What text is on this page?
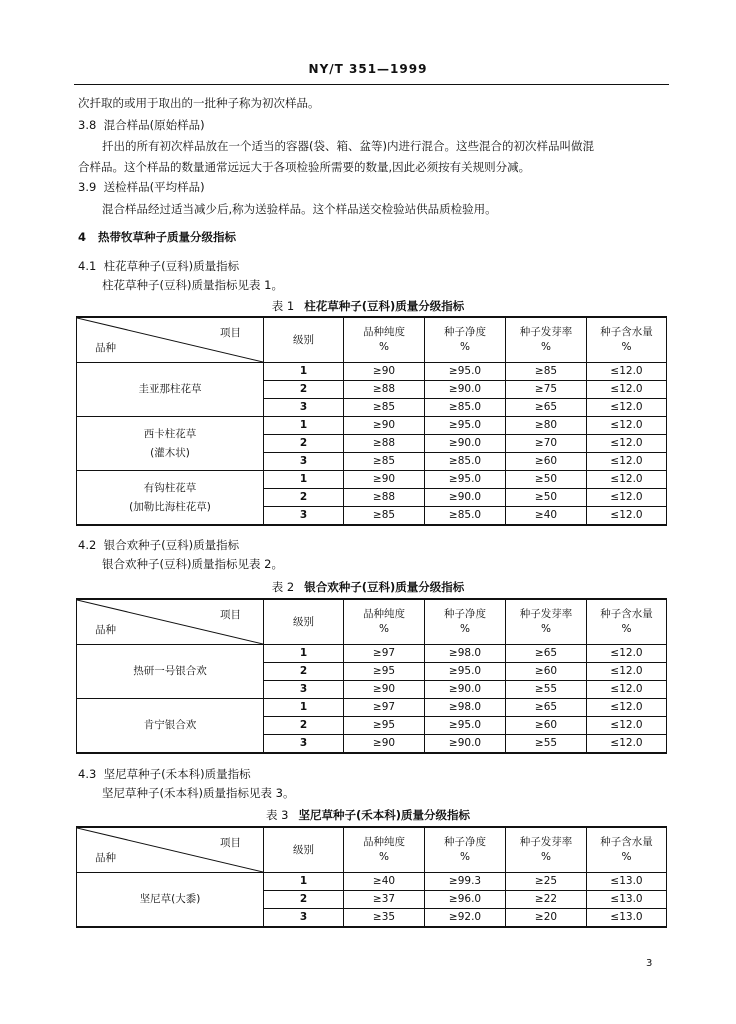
NY/T 351—1999
次扦取的或用于取出的一批种子称为初次样品。
3.8 混合样品(原始样品)
扦出的所有初次样品放在一个适当的容器(袋、箱、盆等)内进行混合。这些混合的初次样品叫做混
合样品。这个样品的数量通常远远大于各项检验所需要的数量,因此必须按有关规则分减。
3.9 送检样品(平均样品)
混合样品经过适当减少后,称为送验样品。这个样品送交检验站供品质检验用。
4 热带牧草种子质量分级指标
4.1 柱花草种子(豆科)质量指标
柱花草种子(豆科)质量指标见表 1。
表 1 柱花草种子(豆科)质量分级指标
项目
品种	级别	品种纯度
%	种子净度
%	种子发芽率
%	种子含水量
%
圭亚那柱花草	1	≥90	≥95.0	≥85	≤12.0
	2	≥88	≥90.0	≥75	≤12.0
	3	≥85	≥85.0	≥65	≤12.0
西卡柱花草
(灌木状)	1	≥90	≥95.0	≥80	≤12.0
	2	≥88	≥90.0	≥70	≤12.0
	3	≥85	≥85.0	≥60	≤12.0
有钩柱花草
(加勒比海柱花草)	1	≥90	≥95.0	≥50	≤12.0
	2	≥88	≥90.0	≥50	≤12.0
	3	≥85	≥85.0	≥40	≤12.0
4.2 银合欢种子(豆科)质量指标
银合欢种子(豆科)质量指标见表 2。
表 2 银合欢种子(豆科)质量分级指标
项目
品种	级别	品种纯度
%	种子净度
%	种子发芽率
%	种子含水量
%
热研一号银合欢	1	≥97	≥98.0	≥65	≤12.0
	2	≥95	≥95.0	≥60	≤12.0
	3	≥90	≥90.0	≥55	≤12.0
肯宁银合欢	1	≥97	≥98.0	≥65	≤12.0
	2	≥95	≥95.0	≥60	≤12.0
	3	≥90	≥90.0	≥55	≤12.0
4.3 坚尼草种子(禾本科)质量指标
坚尼草种子(禾本科)质量指标见表 3。
表 3 坚尼草种子(禾本科)质量分级指标
项目
品种	级别	品种纯度
%	种子净度
%	种子发芽率
%	种子含水量
%
坚尼草(大黍)	1	≥40	≥99.3	≥25	≤13.0
	2	≥37	≥96.0	≥22	≤13.0
	3	≥35	≥92.0	≥20	≤13.0
3
